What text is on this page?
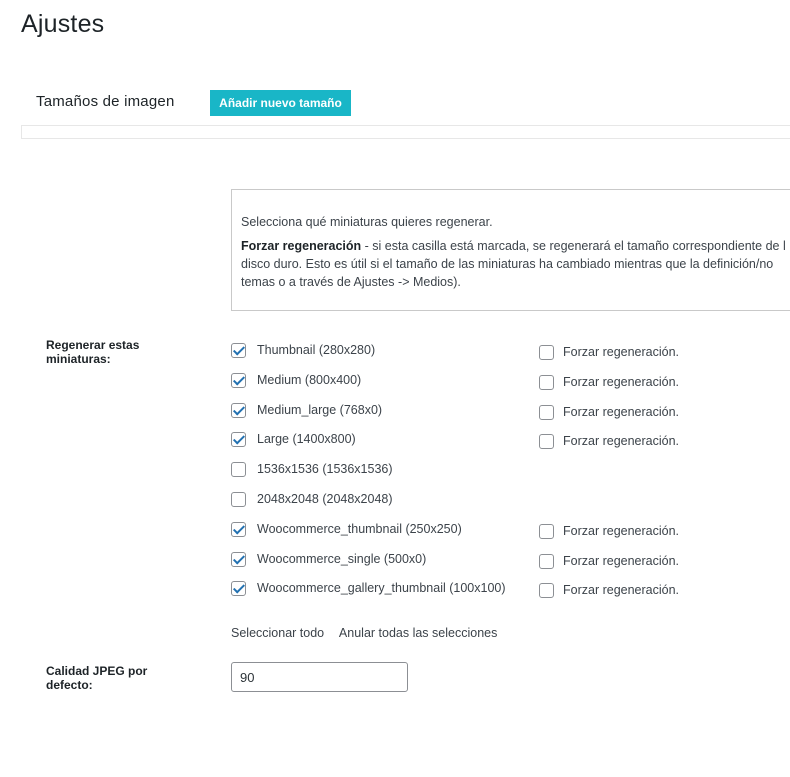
Ajustes
Tamaños de imagen	Añadir nuevo tamaño

Selecciona qué miniaturas quieres regenerar.

Forzar regeneración - si esta casilla está marcada, se regenerará el tamaño correspondiente de l

disco duro. Esto es útil si el tamaño de las miniaturas ha cambiado mientras que la definición/no

temas o a través de Ajustes -> Medios).

Regenerar estas
miniaturas:
Thumbnail (280x280)	Forzar regeneración.
Medium (800x400)	Forzar regeneración.
Medium_large (768x0)	Forzar regeneración.
Large (1400x800)	Forzar regeneración.
1536x1536 (1536x1536)
2048x2048 (2048x2048)
Woocommerce_thumbnail (250x250)	Forzar regeneración.
Woocommerce_single (500x0)	Forzar regeneración.
Woocommerce_gallery_thumbnail (100x100)	Forzar regeneración.
Seleccionar todo Anular todas las selecciones
Calidad JPEG por
defecto:
90
